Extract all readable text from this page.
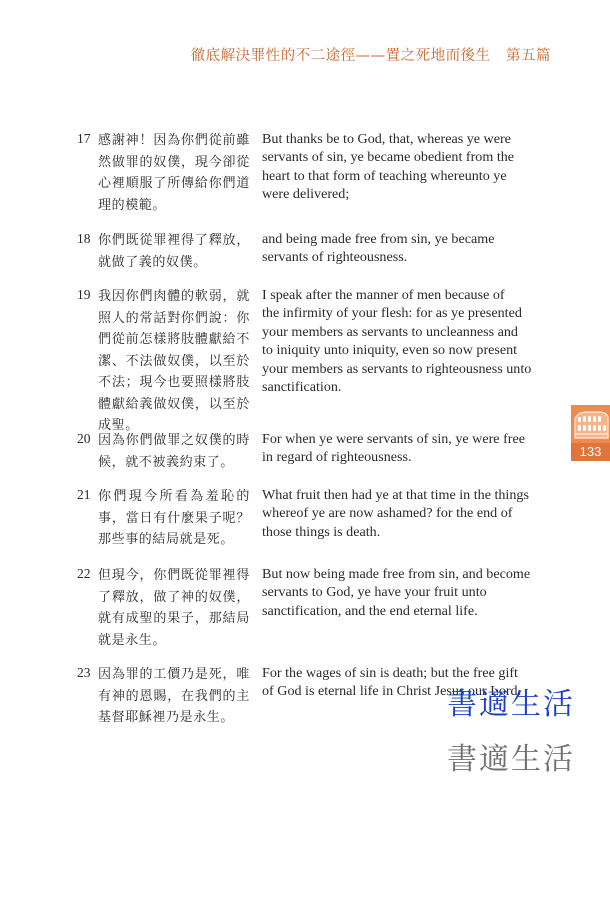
徹底解決罪性的不二途徑——置之死地而後生 第五篇
17 感謝神！因為你們從前雖然做罪的奴僕，現今卻從心裡順服了所傳給你們道理的模範。
But thanks be to God, that, whereas ye were
servants of sin, ye became obedient from the
heart to that form of teaching whereunto ye
were delivered;
18 你們既從罪裡得了釋放，就做了義的奴僕。
and being made free from sin, ye became
servants of righteousness.
19 我因你們肉體的軟弱，就照人的常話對你們說：你們從前怎樣將肢體獻給不潔、不法做奴僕，以至於不法；現今也要照樣將肢體獻給義做奴僕，以至於成聖。
I speak after the manner of men because of
the infirmity of your flesh: for as ye presented
your members as servants to uncleanness and
to iniquity unto iniquity, even so now present
your members as servants to righteousness unto
sanctification.
20 因為你們做罪之奴僕的時候，就不被義約束了。
For when ye were servants of sin, ye were free
in regard of righteousness.
21 你們現今所看為羞恥的事，當日有什麼果子呢？那些事的結局就是死。
What fruit then had ye at that time in the things
whereof ye are now ashamed? for the end of
those things is death.
22 但現今，你們既從罪裡得了釋放，做了神的奴僕，就有成聖的果子，那結局就是永生。
But now being made free from sin, and become
servants to God, ye have your fruit unto
sanctification, and the end eternal life.
23 因為罪的工價乃是死，唯有神的恩賜，在我們的主基督耶穌裡乃是永生。
For the wages of sin is death; but the free gift
of God is eternal life in Christ Jesus our Lord.
133
書適生活
書適生活
